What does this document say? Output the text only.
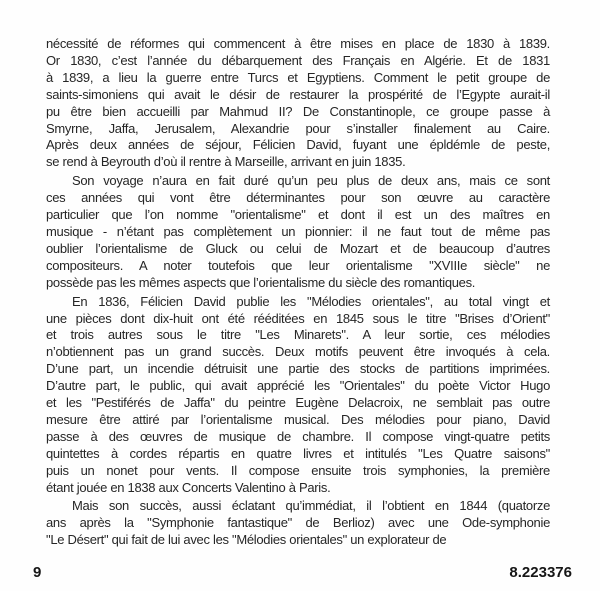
nécessité de réformes qui commencent à être mises en place de 1830 à 1839.
Or 1830, c’est l’année du débarquement des Français en Algérie. Et de 1831
à 1839, a lieu la guerre entre Turcs et Egyptiens. Comment le petit groupe de
saints-simoniens qui avait le désir de restaurer la prospérité de l’Egypte aurait-il
pu être bien accueilli par Mahmud II? De Constantinople, ce groupe passe à
Smyrne, Jaffa, Jerusalem, Alexandrie pour s’installer finalement au Caire.
Après deux années de séjour, Félicien David, fuyant une épldémle de peste,
se rend à Beyrouth d’où il rentre à Marseille, arrivant en juin 1835.
Son voyage n’aura en fait duré qu’un peu plus de deux ans, mais ce sont
ces années qui vont être déterminantes pour son œuvre au caractère
particulier que l’on nomme "orientalisme" et dont il est un des maîtres en
musique - n’étant pas complètement un pionnier: il ne faut tout de même pas
oublier l’orientalisme de Gluck ou celui de Mozart et de beaucoup d’autres
compositeurs. A noter toutefois que leur orientalisme "XVIIIe siècle" ne
possède pas les mêmes aspects que l’orientalisme du siècle des romantiques.
En 1836, Félicien David publie les "Mélodies orientales", au total vingt et
une pièces dont dix-huit ont été rééditées en 1845 sous le titre "Brises d’Orient"
et trois autres sous le titre "Les Minarets". A leur sortie, ces mélodies
n’obtiennent pas un grand succès. Deux motifs peuvent être invoqués à cela.
D’une part, un incendie détruisit une partie des stocks de partitions imprimées.
D’autre part, le public, qui avait apprécié les "Orientales" du poète Victor Hugo
et les "Pestiférés de Jaffa" du peintre Eugène Delacroix, ne semblait pas outre
mesure être attiré par l’orientalisme musical. Des mélodies pour piano, David
passe à des œuvres de musique de chambre. Il compose vingt-quatre petits
quintettes à cordes répartis en quatre livres et intitulés "Les Quatre saisons"
puis un nonet pour vents. Il compose ensuite trois symphonies, la première
étant jouée en 1838 aux Concerts Valentino à Paris.
Mais son succès, aussi éclatant qu’immédiat, il l’obtient en 1844 (quatorze
ans après la "Symphonie fantastique" de Berlioz) avec une Ode-symphonie
"Le Désert" qui fait de lui avec les "Mélodies orientales" un explorateur de
9	8.223376
